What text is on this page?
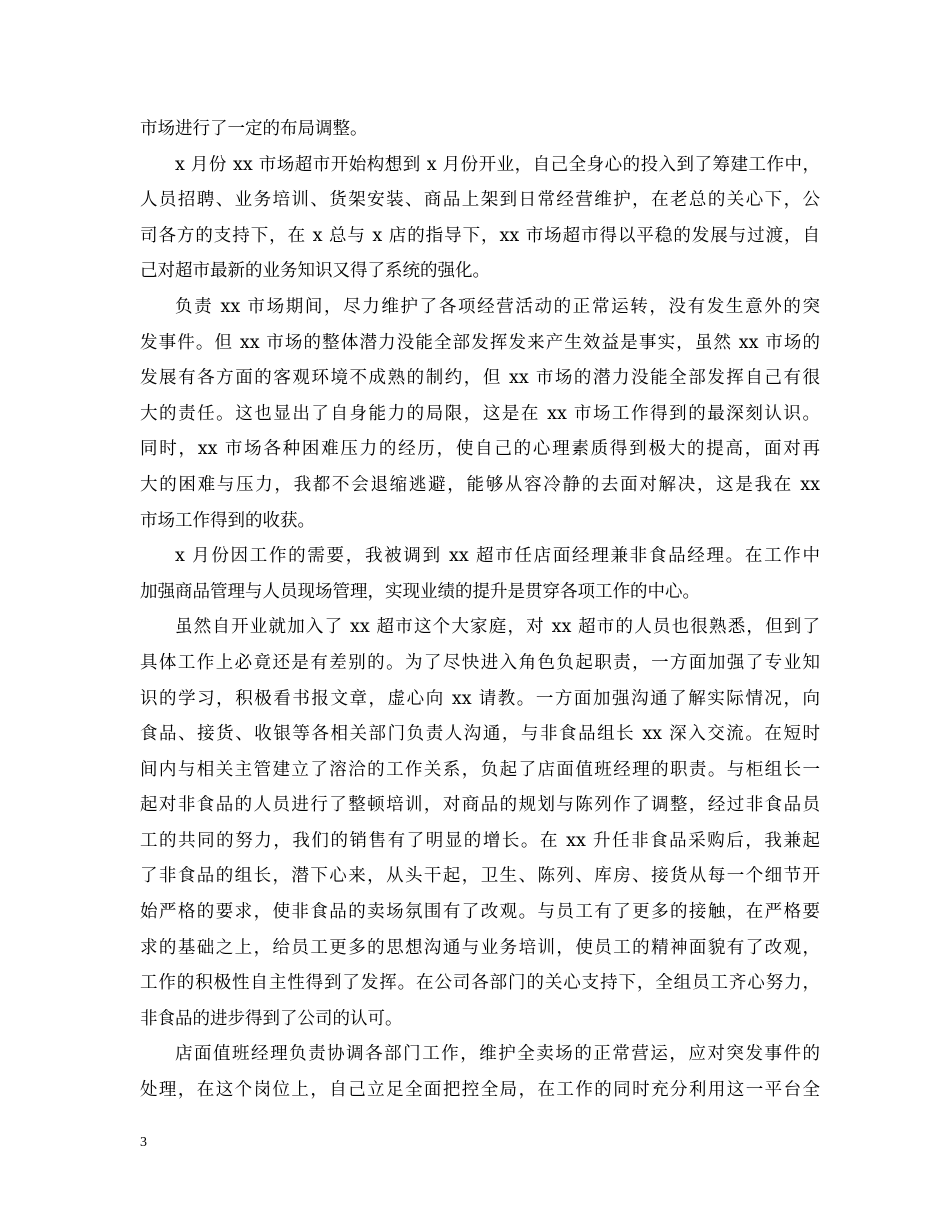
市场进行了一定的布局调整。
x 月份 xx 市场超市开始构想到 x 月份开业，自己全身心的投入到了筹建工作中，
人员招聘、业务培训、货架安装、商品上架到日常经营维护，在老总的关心下，公
司各方的支持下，在 x 总与 x 店的指导下，xx 市场超市得以平稳的发展与过渡，自
己对超市最新的业务知识又得了系统的强化。
负责 xx 市场期间，尽力维护了各项经营活动的正常运转，没有发生意外的突
发事件。但 xx 市场的整体潜力没能全部发挥发来产生效益是事实，虽然 xx 市场的
发展有各方面的客观环境不成熟的制约，但 xx 市场的潜力没能全部发挥自己有很
大的责任。这也显出了自身能力的局限，这是在 xx 市场工作得到的最深刻认识。
同时，xx 市场各种困难压力的经历，使自己的心理素质得到极大的提高，面对再
大的困难与压力，我都不会退缩逃避，能够从容冷静的去面对解决，这是我在 xx
市场工作得到的收获。
x 月份因工作的需要，我被调到 xx 超市任店面经理兼非食品经理。在工作中
加强商品管理与人员现场管理，实现业绩的提升是贯穿各项工作的中心。
虽然自开业就加入了 xx 超市这个大家庭，对 xx 超市的人员也很熟悉，但到了
具体工作上必竟还是有差别的。为了尽快进入角色负起职责，一方面加强了专业知
识的学习，积极看书报文章，虚心向 xx 请教。一方面加强沟通了解实际情况，向
食品、接货、收银等各相关部门负责人沟通，与非食品组长 xx 深入交流。在短时
间内与相关主管建立了溶洽的工作关系，负起了店面值班经理的职责。与柜组长一
起对非食品的人员进行了整顿培训，对商品的规划与陈列作了调整，经过非食品员
工的共同的努力，我们的销售有了明显的增长。在 xx 升任非食品采购后，我兼起
了非食品的组长，潜下心来，从头干起，卫生、陈列、库房、接货从每一个细节开
始严格的要求，使非食品的卖场氛围有了改观。与员工有了更多的接触，在严格要
求的基础之上，给员工更多的思想沟通与业务培训，使员工的精神面貌有了改观，
工作的积极性自主性得到了发挥。在公司各部门的关心支持下，全组员工齐心努力，
非食品的进步得到了公司的认可。
店面值班经理负责协调各部门工作，维护全卖场的正常营运，应对突发事件的
处理，在这个岗位上，自己立足全面把控全局，在工作的同时充分利用这一平台全
3
